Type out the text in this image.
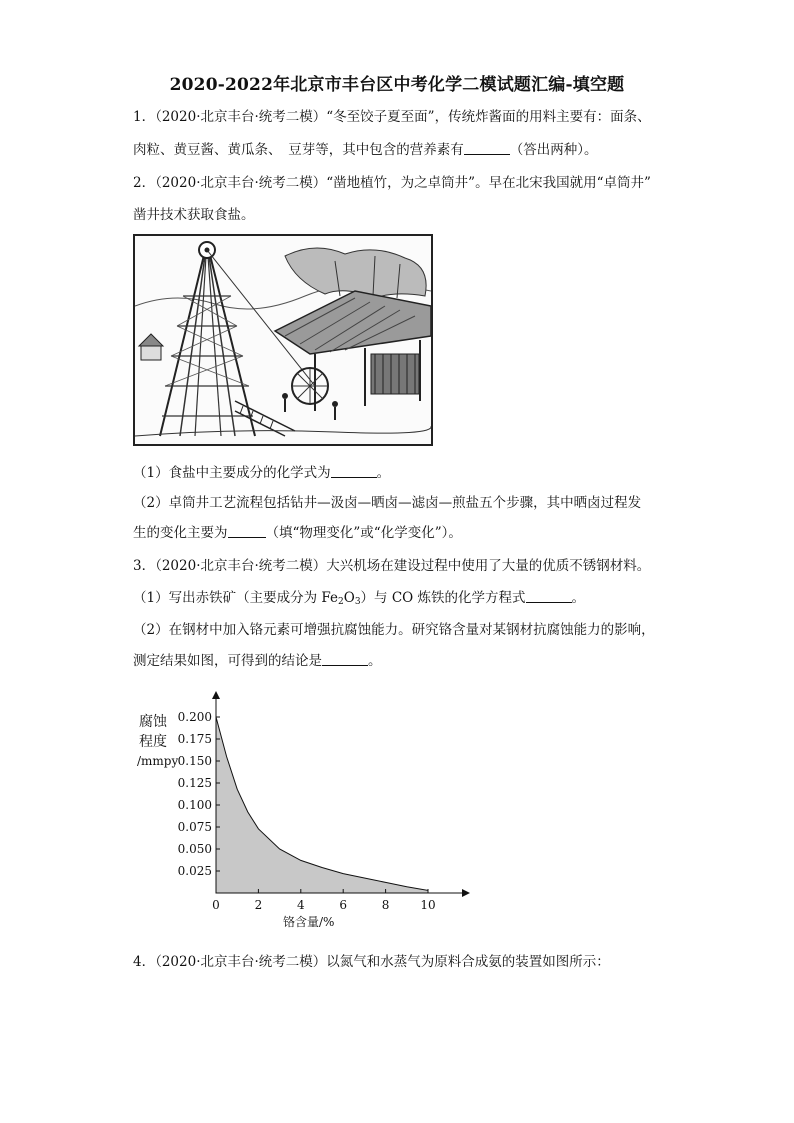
2020-2022年北京市丰台区中考化学二模试题汇编-填空题
1．（2020·北京丰台·统考二模）“冬至饺子夏至面”，传统炸酱面的用料主要有：面条、
肉粒、黄豆酱、黄瓜条、　豆芽等，其中包含的营养素有	（答出两种）。
2．（2020·北京丰台·统考二模）“凿地植竹，为之卓筒井”。早在北宋我国就用“卓筒井”
凿井技术获取食盐。
（1）食盐中主要成分的化学式为	。
（2）卓筒井工艺流程包括钻井—汲卤—晒卤—滤卤—煎盐五个步骤，其中晒卤过程发
生的变化主要为	（填“物理变化”或“化学变化”）。
3．（2020·北京丰台·统考二模）大兴机场在建设过程中使用了大量的优质不锈钢材料。
（1）写出赤铁矿（主要成分为 $Fe_2O_3$）与 CO 炼铁的化学方程式	。
（2）在钢材中加入铬元素可增强抗腐蚀能力。研究铬含量对某钢材抗腐蚀能力的影响，
测定结果如图，可得到的结论是	。
腐蚀
程度
/mmpy
0.025
0.050
0.075
0.100
0.125
0.150
0.175
0.200
0	2	4	6	8	10
铬含量/%
4．（2020·北京丰台·统考二模）以氮气和水蒸气为原料合成氨的装置如图所示：
